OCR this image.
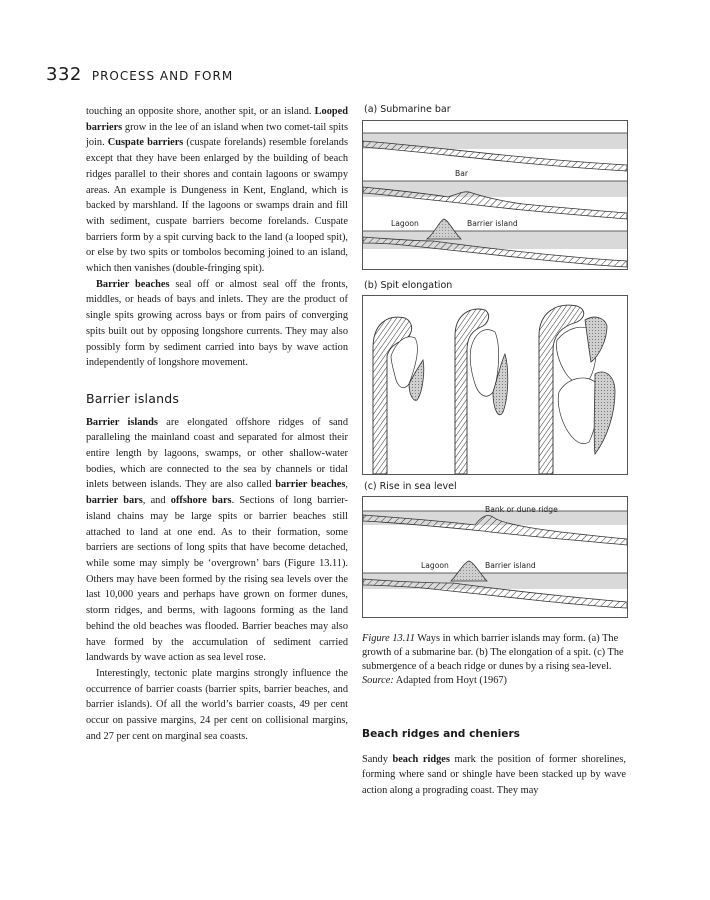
332 PROCESS AND FORM

touching an opposite shore, another spit, or an island. Looped barriers grow in the lee of an island when two comet-tail spits join. Cuspate barriers (cuspate forelands) resemble forelands except that they have been enlarged by the building of beach ridges parallel to their shores and contain lagoons or swampy areas. An example is Dungeness in Kent, England, which is backed by marshland. If the lagoons or swamps drain and fill with sediment, cuspate barriers become forelands. Cuspate barriers form by a spit curving back to the land (a looped spit), or else by two spits or tombolos becoming joined to an island, which then vanishes (double-fringing spit).

Barrier beaches seal off or almost seal off the fronts, middles, or heads of bays and inlets. They are the product of single spits growing across bays or from pairs of converging spits built out by opposing longshore currents. They may also possibly form by sediment carried into bays by wave action independently of longshore movement.

Barrier islands

Barrier islands are elongated offshore ridges of sand paralleling the mainland coast and separated for almost their entire length by lagoons, swamps, or other shallow-water bodies, which are connected to the sea by channels or tidal inlets between islands. They are also called barrier beaches, barrier bars, and offshore bars. Sections of long barrier-island chains may be large spits or barrier beaches still attached to land at one end. As to their formation, some barriers are sections of long spits that have become detached, while some may simply be ‘overgrown’ bars (Figure 13.11). Others may have been formed by the rising sea levels over the last 10,000 years and perhaps have grown on former dunes, storm ridges, and berms, with lagoons forming as the land behind the old beaches was flooded. Barrier beaches may also have formed by the accumulation of sediment carried landwards by wave action as sea level rose.

Interestingly, tectonic plate margins strongly influence the occurrence of barrier coasts (barrier spits, barrier beaches, and barrier islands). Of all the world’s barrier coasts, 49 per cent occur on passive margins, 24 per cent on collisional margins, and 27 per cent on marginal sea coasts.

(a) Submarine bar
Bar
Lagoon	Barrier island
(b) Spit elongation
(c) Rise in sea level
Bank or dune ridge
Lagoon	Barrier island
Figure 13.11 Ways in which barrier islands may form. (a) The growth of a submarine bar. (b) The elongation of a spit. (c) The submergence of a beach ridge or dunes by a rising sea-level.
Source: Adapted from Hoyt (1967)
Beach ridges and cheniers

Sandy beach ridges mark the position of former shorelines, forming where sand or shingle have been stacked up by wave action along a prograding coast. They may
